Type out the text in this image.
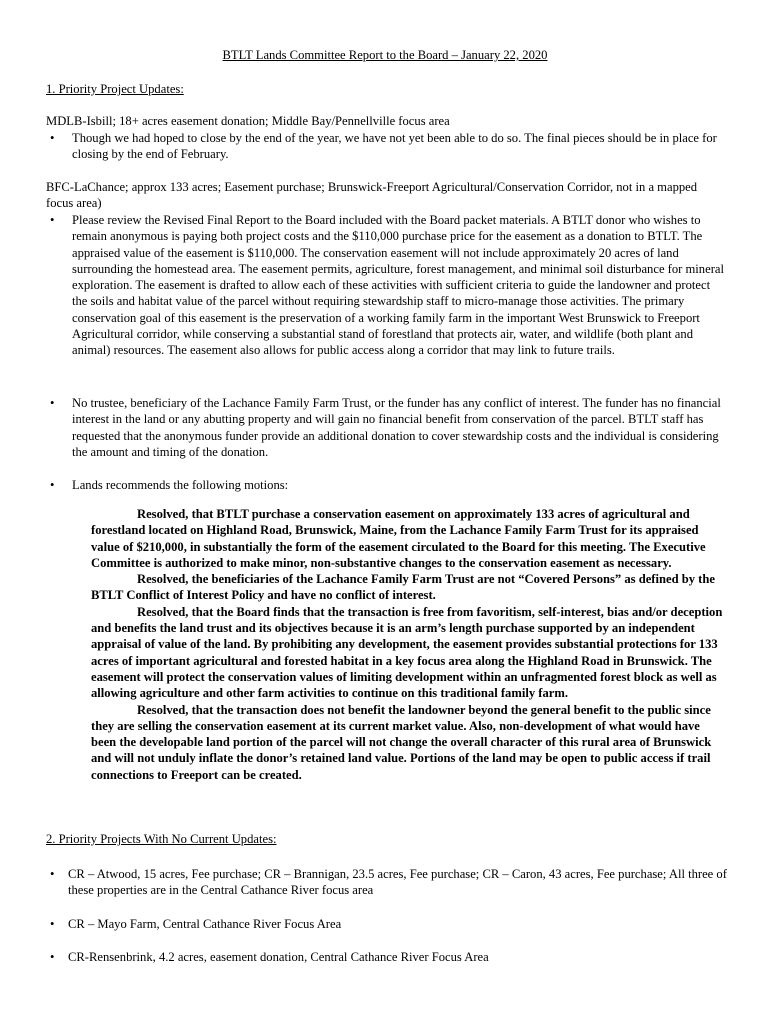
BTLT Lands Committee Report to the Board – January 22, 2020
1. Priority Project Updates:
MDLB-Isbill; 18+ acres easement donation; Middle Bay/Pennellville focus area
• Though we had hoped to close by the end of the year, we have not yet been able to do so. The final pieces should be in place for closing by the end of February.
BFC-LaChance; approx 133 acres; Easement purchase; Brunswick-Freeport Agricultural/Conservation Corridor, not in a mapped focus area)
• Please review the Revised Final Report to the Board included with the Board packet materials. A BTLT donor who wishes to remain anonymous is paying both project costs and the $110,000 purchase price for the easement as a donation to BTLT. The appraised value of the easement is $110,000. The conservation easement will not include approximately 20 acres of land surrounding the homestead area. The easement permits, agriculture, forest management, and minimal soil disturbance for mineral exploration. The easement is drafted to allow each of these activities with sufficient criteria to guide the landowner and protect the soils and habitat value of the parcel without requiring stewardship staff to micro-manage those activities. The primary conservation goal of this easement is the preservation of a working family farm in the important West Brunswick to Freeport Agricultural corridor, while conserving a substantial stand of forestland that protects air, water, and wildlife (both plant and animal) resources. The easement also allows for public access along a corridor that may link to future trails.
• No trustee, beneficiary of the Lachance Family Farm Trust, or the funder has any conflict of interest. The funder has no financial interest in the land or any abutting property and will gain no financial benefit from conservation of the parcel. BTLT staff has requested that the anonymous funder provide an additional donation to cover stewardship costs and the individual is considering the amount and timing of the donation.
• Lands recommends the following motions:

Resolved, that BTLT purchase a conservation easement on approximately 133 acres of agricultural and forestland located on Highland Road, Brunswick, Maine, from the Lachance Family Farm Trust for its appraised value of $210,000, in substantially the form of the easement circulated to the Board for this meeting. The Executive Committee is authorized to make minor, non-substantive changes to the conservation easement as necessary.

Resolved, the beneficiaries of the Lachance Family Farm Trust are not “Covered Persons” as defined by the BTLT Conflict of Interest Policy and have no conflict of interest.

Resolved, that the Board finds that the transaction is free from favoritism, self-interest, bias and/or deception and benefits the land trust and its objectives because it is an arm’s length purchase supported by an independent appraisal of value of the land. By prohibiting any development, the easement provides substantial protections for 133 acres of important agricultural and forested habitat in a key focus area along the Highland Road in Brunswick. The easement will protect the conservation values of limiting development within an unfragmented forest block as well as allowing agriculture and other farm activities to continue on this traditional family farm.

Resolved, that the transaction does not benefit the landowner beyond the general benefit to the public since they are selling the conservation easement at its current market value. Also, non-development of what would have been the developable land portion of the parcel will not change the overall character of this rural area of Brunswick and will not unduly inflate the donor’s retained land value. Portions of the land may be open to public access if trail connections to Freeport can be created.

2. Priority Projects With No Current Updates:
• CR – Atwood, 15 acres, Fee purchase; CR – Brannigan, 23.5 acres, Fee purchase; CR – Caron, 43 acres, Fee purchase; All three of these properties are in the Central Cathance River focus area
• CR – Mayo Farm, Central Cathance River Focus Area
• CR-Rensenbrink, 4.2 acres, easement donation, Central Cathance River Focus Area
